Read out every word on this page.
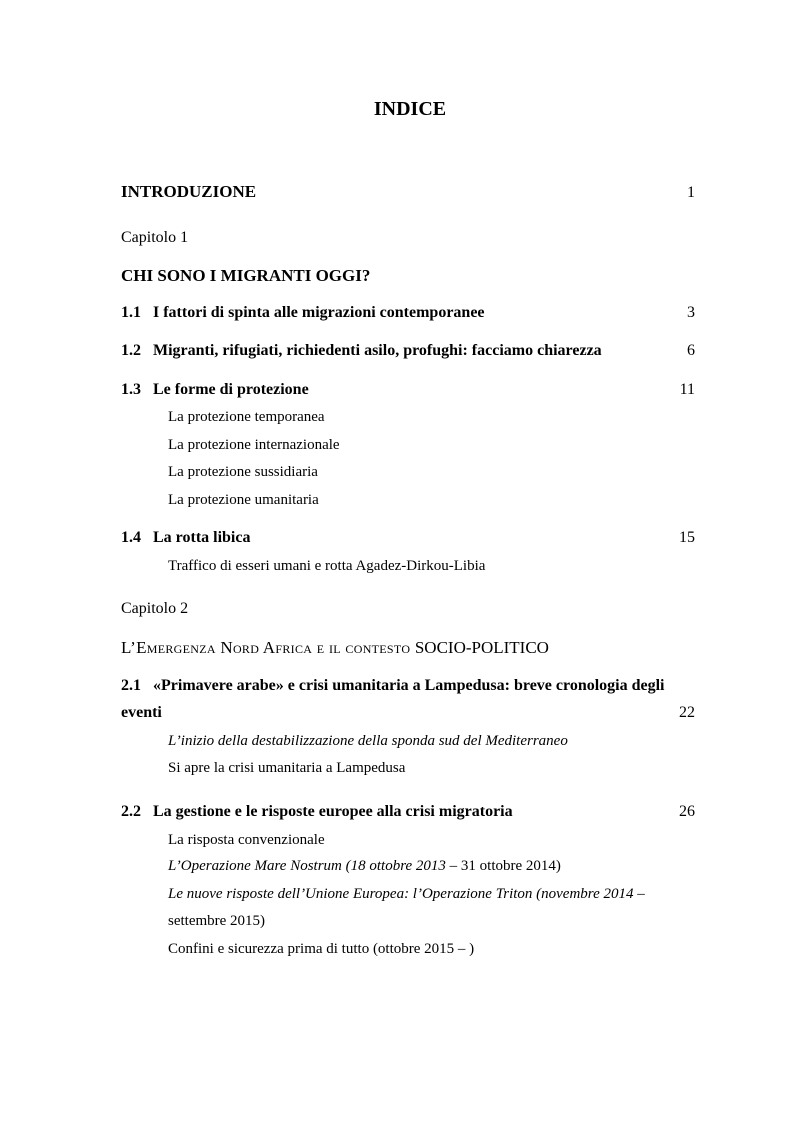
INDICE
INTRODUZIONE	1
Capitolo 1
CHI SONO I MIGRANTI OGGI?
1.1 I fattori di spinta alle migrazioni contemporanee	3
1.2 Migranti, rifugiati, richiedenti asilo, profughi: facciamo chiarezza	6
1.3 Le forme di protezione	11
La protezione temporanea
La protezione internazionale
La protezione sussidiaria
La protezione umanitaria
1.4 La rotta libica	15
Traffico di esseri umani e rotta Agadez-Dirkou-Libia
Capitolo 2
L’Emergenza Nord Africa e il contesto SOCIO-POLITICO
2.1 «Primavere arabe» e crisi umanitaria a Lampedusa: breve cronologia degli
eventi	22
L’inizio della destabilizzazione della sponda sud del Mediterraneo
Si apre la crisi umanitaria a Lampedusa
2.2 La gestione e le risposte europee alla crisi migratoria	26
La risposta convenzionale
L’Operazione Mare Nostrum (18 ottobre 2013 – 31 ottobre 2014)
Le nuove risposte dell’Unione Europea: l’Operazione Triton (novembre 2014 –
settembre 2015)
Confini e sicurezza prima di tutto (ottobre 2015 – )
